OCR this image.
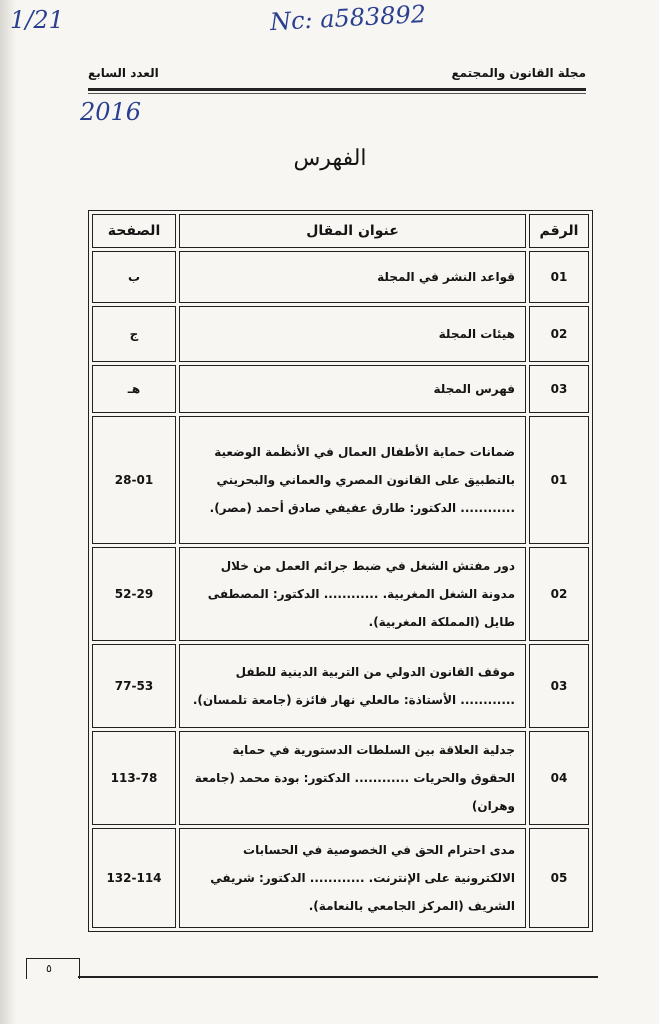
1/21	Nc: a583892
مجلة القانون والمجتمع
العدد السابع
2016
الفهرس
الرقم	عنوان المقال	الصفحة
01	قواعد النشر في المجلة	ب
02	هيئات المجلة	ج
03	فهرس المجلة	هـ
01	ضمانات حماية الأطفال العمال في الأنظمة الوضعية بالتطبيق على القانون المصري والعماني والبحريني ............ الدكتور: طارق عفيفي صادق أحمد (مصر).	28-01
02	دور مفتش الشغل في ضبط جرائم العمل من خلال مدونة الشغل المغربية. ............ الدكتور: المصطفى طايل (المملكة المغربية).	52-29
03	موقف القانون الدولي من التربية الدينية للطفل ............ الأستاذة: مالعلي نهار فائزة (جامعة تلمسان).	77-53
04	جدلية العلاقة بين السلطات الدستورية في حماية الحقوق والحريات ............ الدكتور: بودة محمد (جامعة وهران)	113-78
05	مدى احترام الحق في الخصوصية في الحسابات الالكترونية على الإنترنت. ............ الدكتور: شريفي الشريف (المركز الجامعي بالنعامة).	132-114
٥
